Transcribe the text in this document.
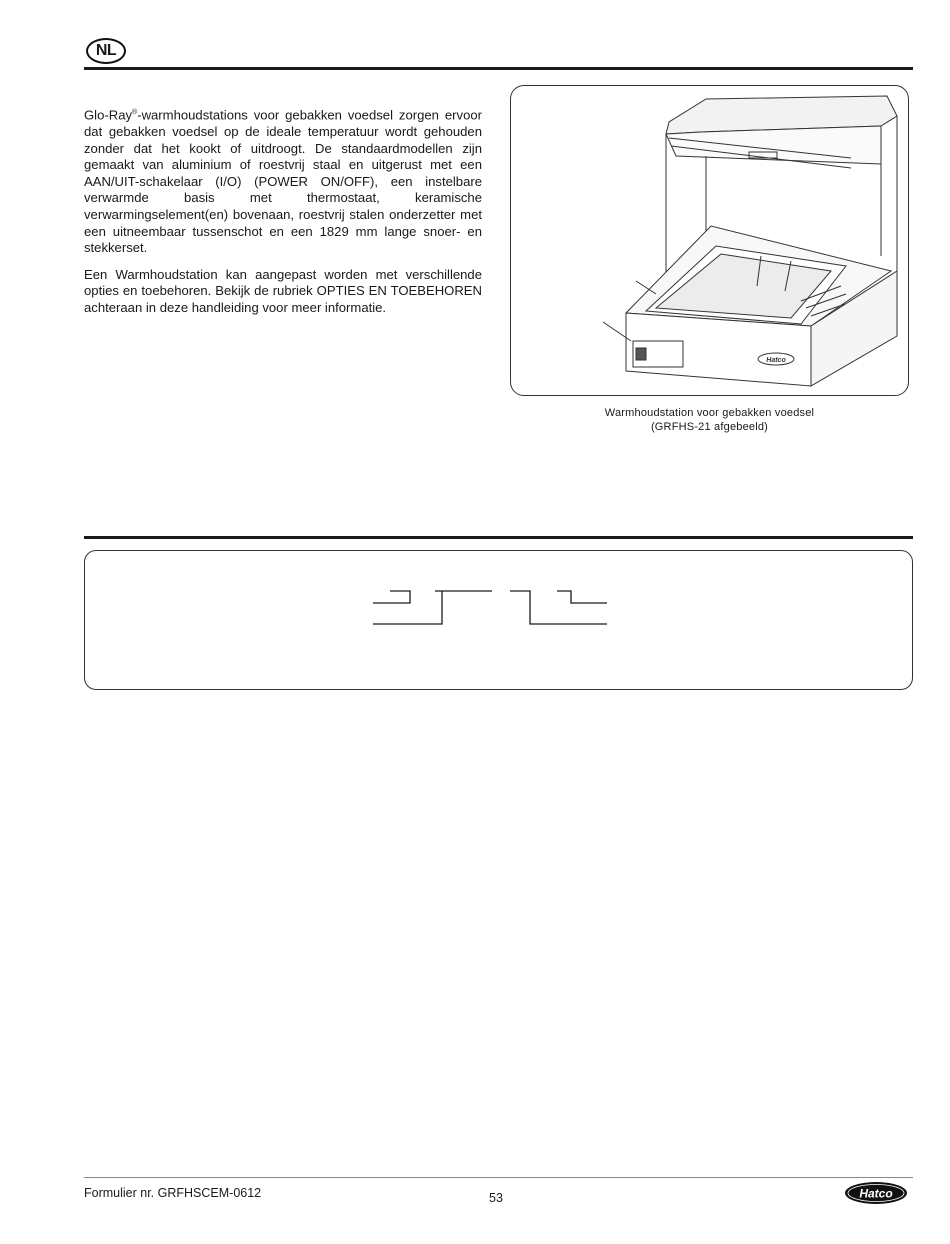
NL

Glo-Ray®-warmhoudstations voor gebakken voedsel zorgen ervoor dat gebakken voedsel op de ideale temperatuur wordt gehouden zonder dat het kookt of uitdroogt. De standaardmodellen zijn gemaakt van aluminium of roestvrij staal en uitgerust met een AAN/UIT-schakelaar (I/O) (POWER ON/OFF), een instelbare verwarmde basis met thermostaat, keramische verwarmingselement(en) bovenaan, roestvrij stalen onderzetter met een uitneembaar tussenschot en een 1829 mm lange snoer- en stekkerset.

Een Warmhoudstation kan aangepast worden met verschillende opties en toebehoren. Bekijk de rubriek OPTIES EN TOEBEHOREN achteraan in deze handleiding voor meer informatie.

Hatco
Warmhoudstation voor gebakken voedsel
(GRFHS-21 afgebeeld)
Formulier nr. GRFHSCEM-0612	53	Hatco
